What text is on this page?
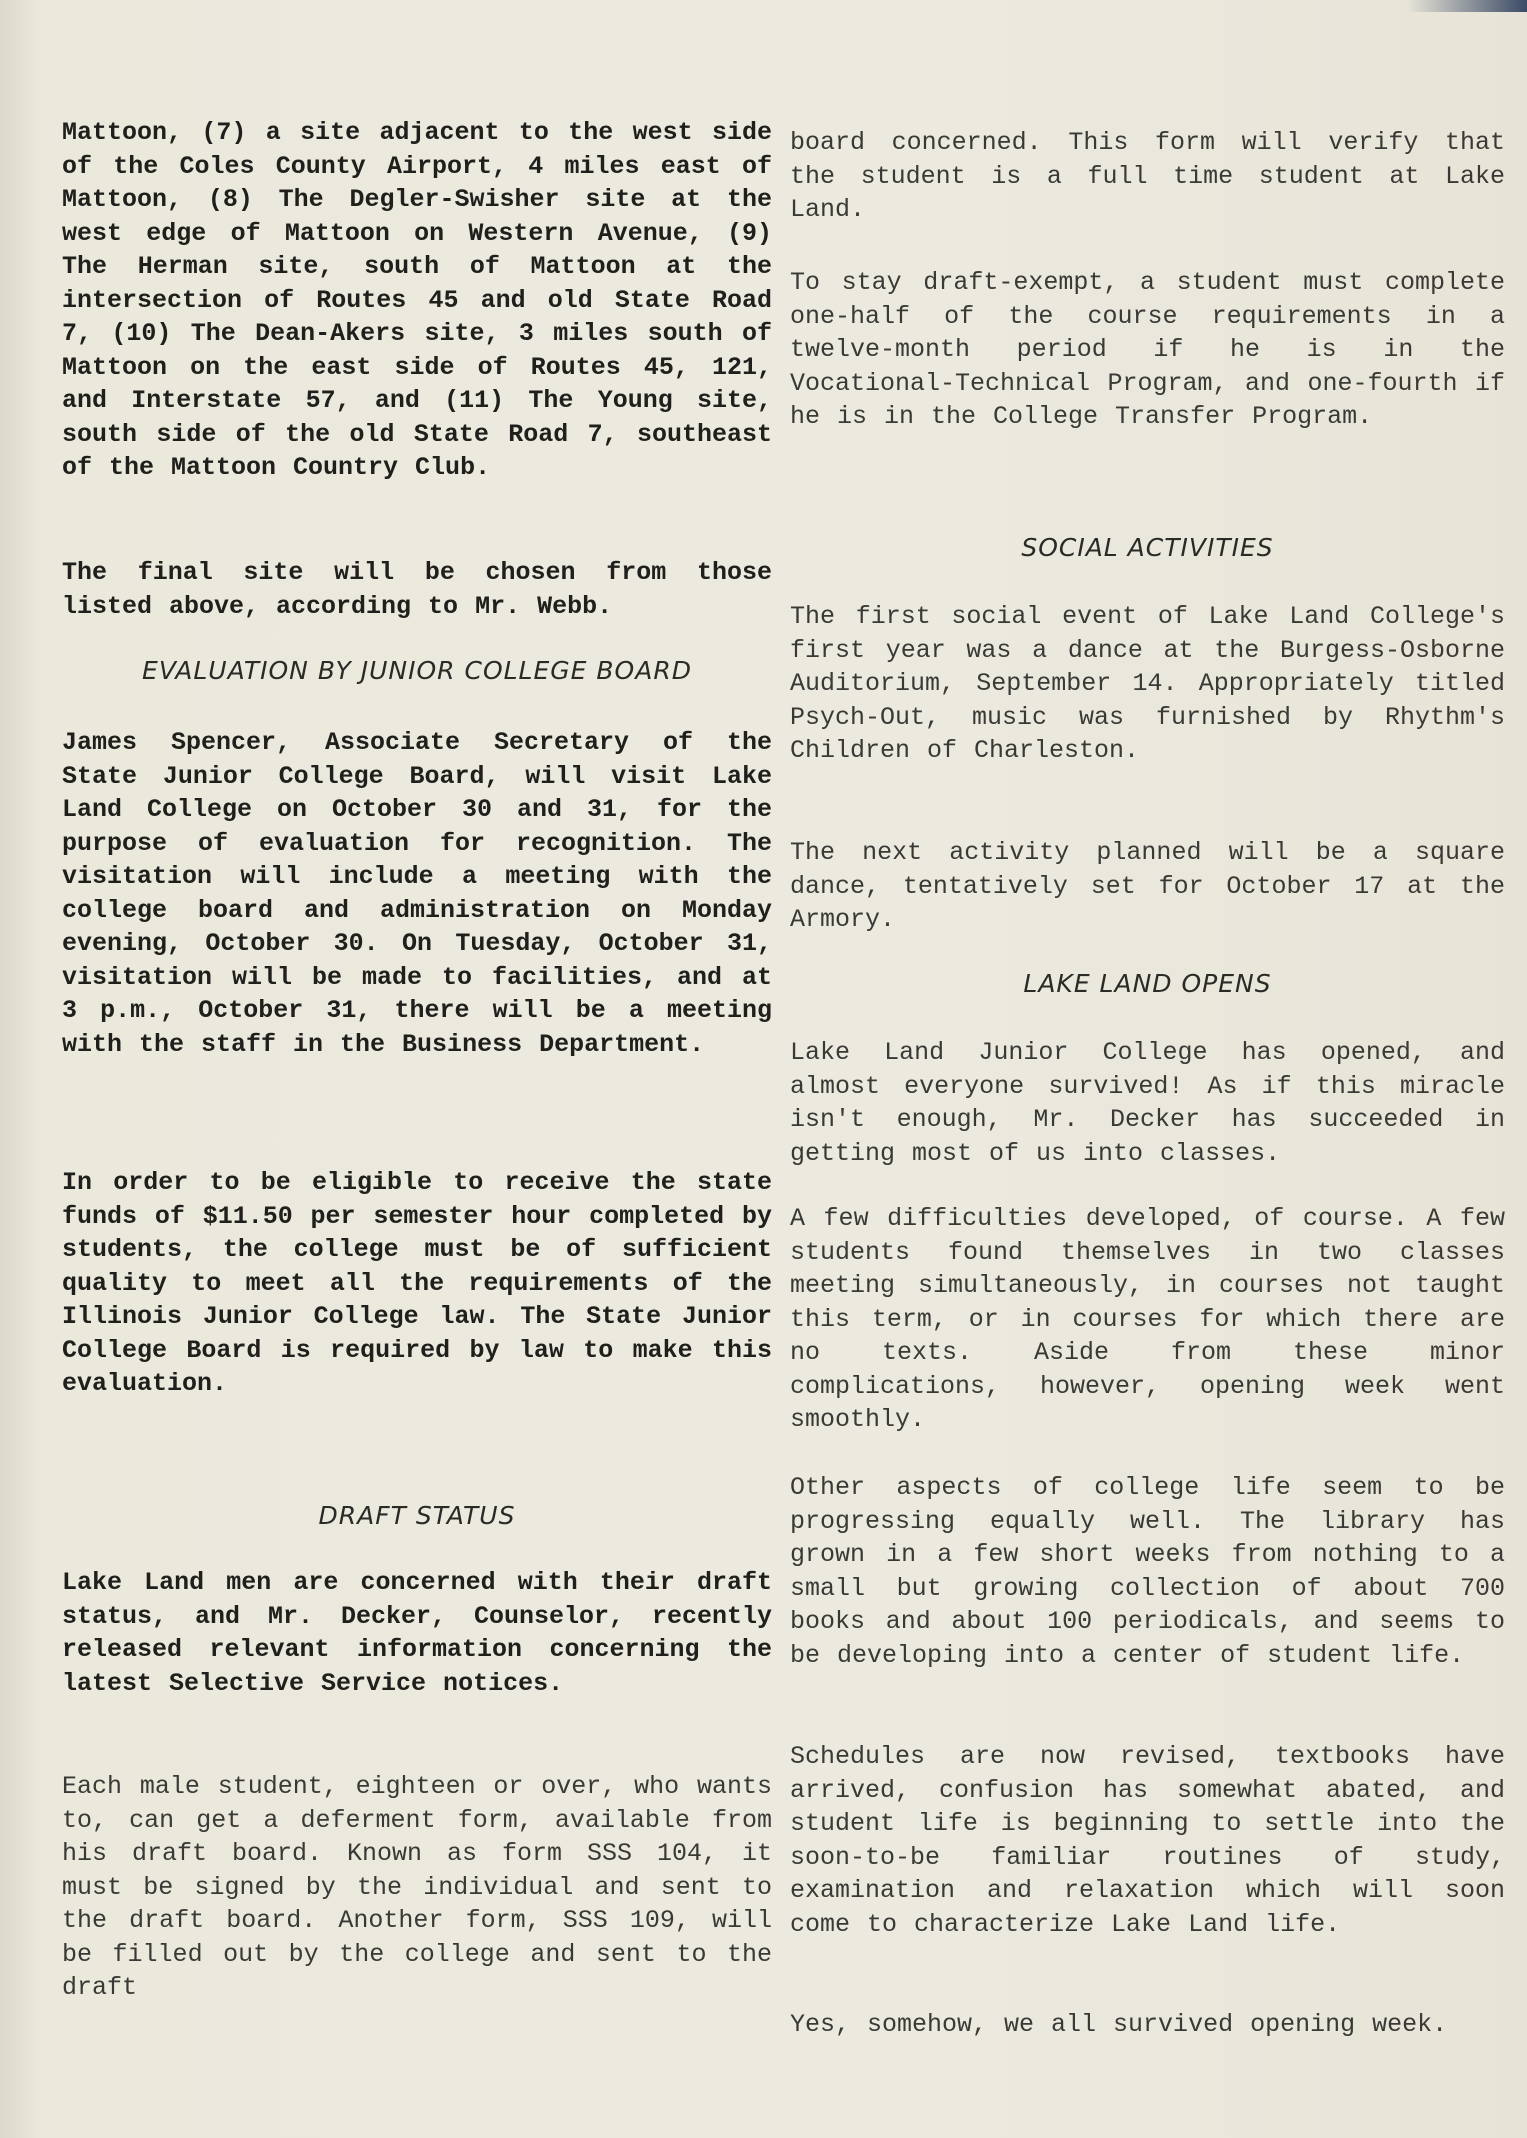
Mattoon, (7) a site adjacent to the west side of the Coles County Airport, 4 miles east of Mattoon, (8) The Degler-Swisher site at the west edge of Mattoon on Western Avenue, (9) The Herman site, south of Mattoon at the intersection of Routes 45 and old State Road 7, (10) The Dean-Akers site, 3 miles south of Mattoon on the east side of Routes 45, 121, and Interstate 57, and (11) The Young site, south side of the old State Road 7, southeast of the Mattoon Country Club.

The final site will be chosen from those listed above, according to Mr. Webb.

EVALUATION BY JUNIOR COLLEGE BOARD

James Spencer, Associate Secretary of the State Junior College Board, will visit Lake Land College on October 30 and 31, for the purpose of evaluation for recognition. The visitation will include a meeting with the college board and administration on Monday evening, October 30. On Tuesday, October 31, visitation will be made to facilities, and at 3 p.m., October 31, there will be a meeting with the staff in the Business Department.

In order to be eligible to receive the state funds of $11.50 per semester hour completed by students, the college must be of sufficient quality to meet all the requirements of the Illinois Junior College law. The State Junior College Board is required by law to make this evaluation.

DRAFT STATUS

Lake Land men are concerned with their draft status, and Mr. Decker, Counselor, recently released relevant information concerning the latest Selective Service notices.

Each male student, eighteen or over, who wants to, can get a deferment form, available from his draft board. Known as form SSS 104, it must be signed by the individual and sent to the draft board. Another form, SSS 109, will be filled out by the college and sent to the draft

board concerned. This form will verify that the student is a full time student at Lake Land.

To stay draft-exempt, a student must complete one-half of the course requirements in a twelve-month period if he is in the Vocational-Technical Program, and one-fourth if he is in the College Transfer Program.

SOCIAL ACTIVITIES

The first social event of Lake Land College's first year was a dance at the Burgess-Osborne Auditorium, September 14. Appropriately titled Psych-Out, music was furnished by Rhythm's Children of Charleston.

The next activity planned will be a square dance, tentatively set for October 17 at the Armory.

LAKE LAND OPENS

Lake Land Junior College has opened, and almost everyone survived! As if this miracle isn't enough, Mr. Decker has succeeded in getting most of us into classes.

A few difficulties developed, of course. A few students found themselves in two classes meeting simultaneously, in courses not taught this term, or in courses for which there are no texts. Aside from these minor complications, however, opening week went smoothly.

Other aspects of college life seem to be progressing equally well. The library has grown in a few short weeks from nothing to a small but growing collection of about 700 books and about 100 periodicals, and seems to be developing into a center of student life.

Schedules are now revised, textbooks have arrived, confusion has somewhat abated, and student life is beginning to settle into the soon-to-be familiar routines of study, examination and relaxation which will soon come to characterize Lake Land life.

Yes, somehow, we all survived opening week.
